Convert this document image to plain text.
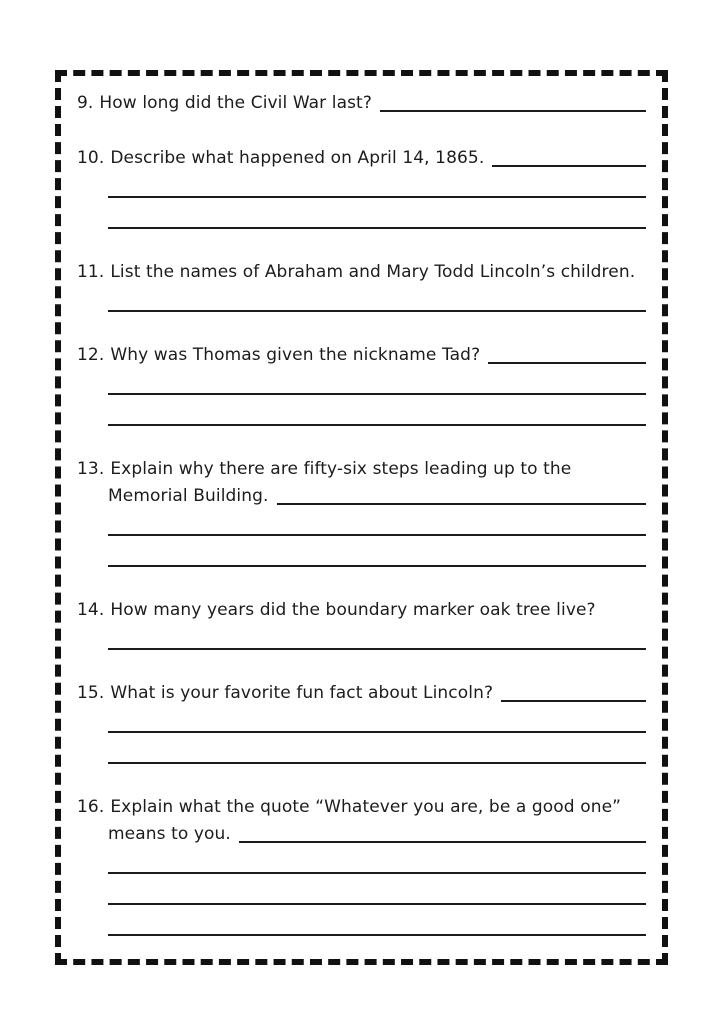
9. How long did the Civil War last?
10. Describe what happened on April 14, 1865.
11. List the names of Abraham and Mary Todd Lincoln’s children.
12. Why was Thomas given the nickname Tad?
13. Explain why there are fifty-six steps leading up to the
Memorial Building.
14. How many years did the boundary marker oak tree live?
15. What is your favorite fun fact about Lincoln?
16. Explain what the quote “Whatever you are, be a good one”
means to you.
